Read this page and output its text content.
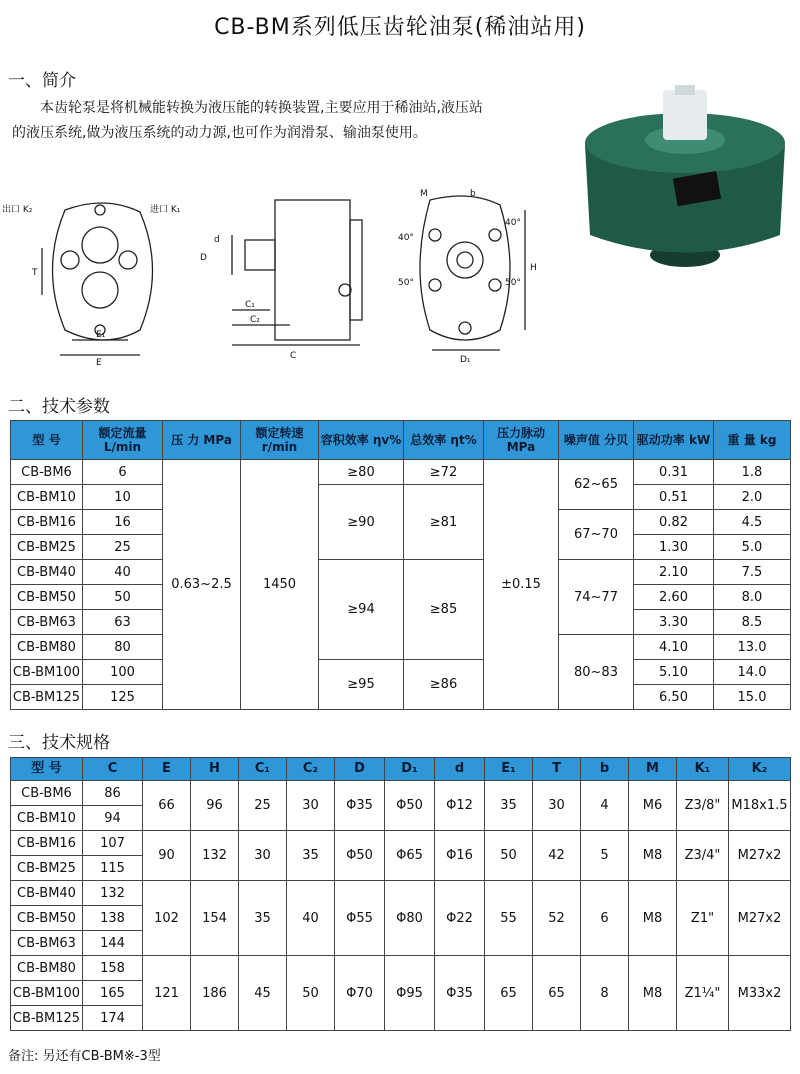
CB-BM系列低压齿轮油泵(稀油站用)
一、简介
本齿轮泵是将机械能转换为液压能的转换装置,主要应用于稀油站,液压站的液压系统,做为液压系统的动力源,也可作为润滑泵、输油泵使用。
出口 K₂	进口 K₁
T
E₁
E
d
D
C₁
C₂
C
M	b
H
D₁
40°
40°
50°	50°
二、技术参数
型 号	额定流量 L/min	压 力 MPa	额定转速 r/min	容积效率 ηv%	总效率 ηt%	压力脉动 MPa	噪声值 分贝	驱动功率 kW	重 量 kg
CB-BM6	6	0.63~2.5	1450	≥80	≥72	±0.15	62~65	0.31	1.8
CB-BM10	10			≥90	≥81			0.51	2.0
CB-BM16	16						67~70	0.82	4.5
CB-BM25	25							1.30	5.0
CB-BM40	40			≥94	≥85		74~77	2.10	7.5
CB-BM50	50							2.60	8.0
CB-BM63	63							3.30	8.5
CB-BM80	80						80~83	4.10	13.0
CB-BM100	100			≥95	≥86			5.10	14.0
CB-BM125	125							6.50	15.0
三、技术规格
型 号	C	E	H	C₁	C₂	D	D₁	d	E₁	T	b	M	K₁	K₂
CB-BM6	86	66	96	25	30	Φ35	Φ50	Φ12	35	30	4	M6	Z3/8"	M18x1.5
CB-BM10	94													
CB-BM16	107	90	132	30	35	Φ50	Φ65	Φ16	50	42	5	M8	Z3/4"	M27x2
CB-BM25	115													
CB-BM40	132	102	154	35	40	Φ55	Φ80	Φ22	55	52	6	M8	Z1"	M27x2
CB-BM50	138													
CB-BM63	144													
CB-BM80	158	121	186	45	50	Φ70	Φ95	Φ35	65	65	8	M8	Z1¼"	M33x2
CB-BM100	165													
CB-BM125	174													
备注: 另还有CB-BM※-3型
